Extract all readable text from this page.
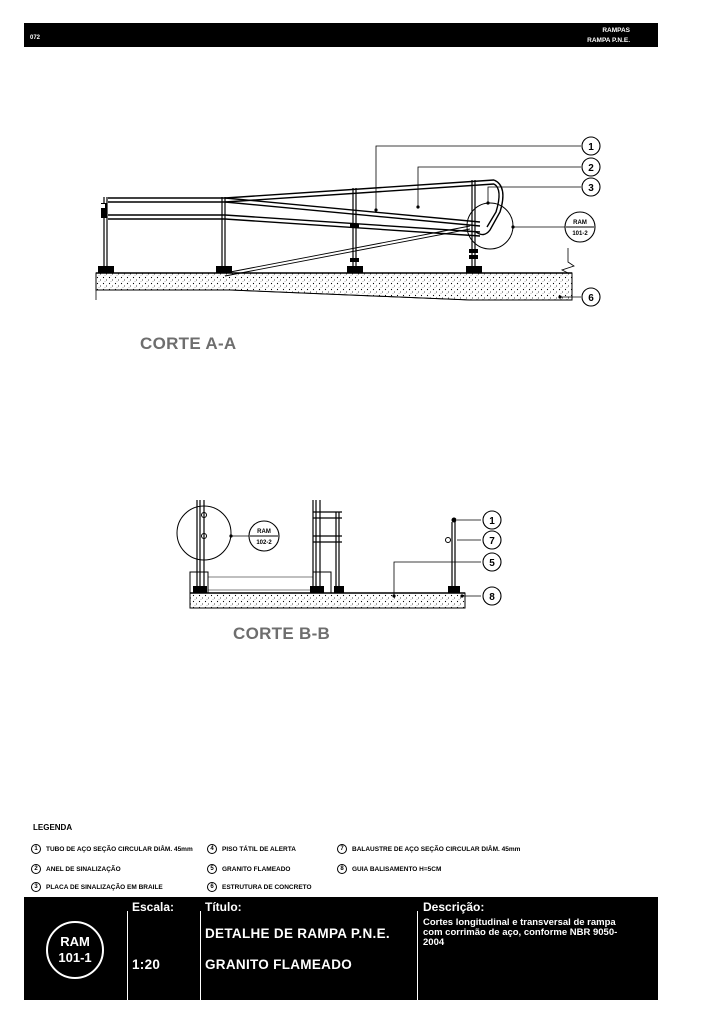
072
RAMPAS
RAMPA P.N.E.
1
2
3
6
RAM
101-2
1
7
5
8
RAM
102-2
CORTE A-A
CORTE B-B
LEGENDA
1	TUBO DE AÇO SEÇÃO CIRCULAR DIÂM. 45mm
2	ANEL DE SINALIZAÇÃO
3	PLACA DE SINALIZAÇÃO EM BRAILE
4	PISO TÁTIL DE ALERTA
5	GRANITO FLAMEADO
6	ESTRUTURA DE CONCRETO
7	BALAUSTRE DE AÇO SEÇÃO CIRCULAR DIÂM. 45mm
8	GUIA BALISAMENTO H=5CM
RAM
101-1
Escala:
1:20
Título:
DETALHE DE RAMPA P.N.E.
GRANITO FLAMEADO
Descrição:
Cortes longitudinal e transversal de rampa com corrimão de aço, conforme NBR 9050-2004
